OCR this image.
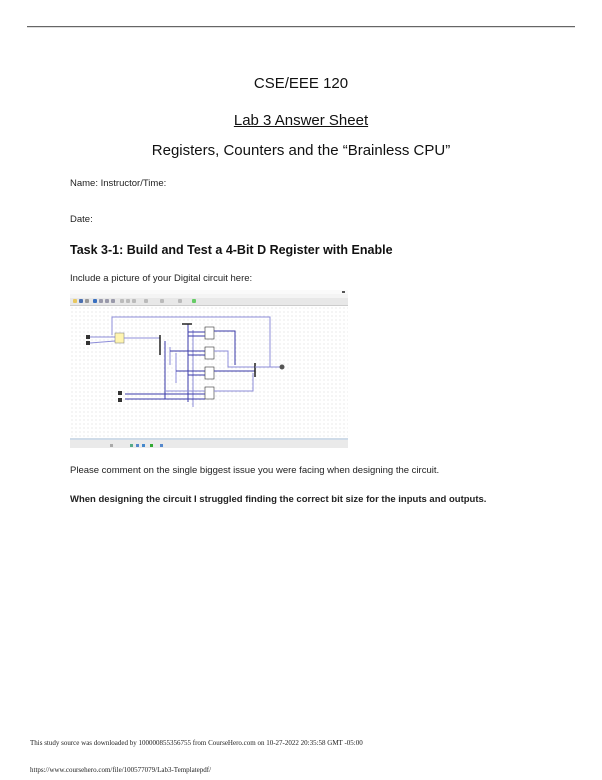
CSE/EEE 120
Lab 3 Answer Sheet
Registers, Counters and the “Brainless CPU”
Name: Instructor/Time:
Date:
Task 3-1: Build and Test a 4-Bit D Register with Enable
Include a picture of your Digital circuit here:
Please comment on the single biggest issue you were facing when designing the circuit.
When designing the circuit I struggled finding the correct bit size for the inputs and outputs.
This study source was downloaded by 100000855356755 from CourseHero.com on 10-27-2022 20:35:58 GMT -05:00
https://www.coursehero.com/file/100577079/Lab3-Templatepdf/
